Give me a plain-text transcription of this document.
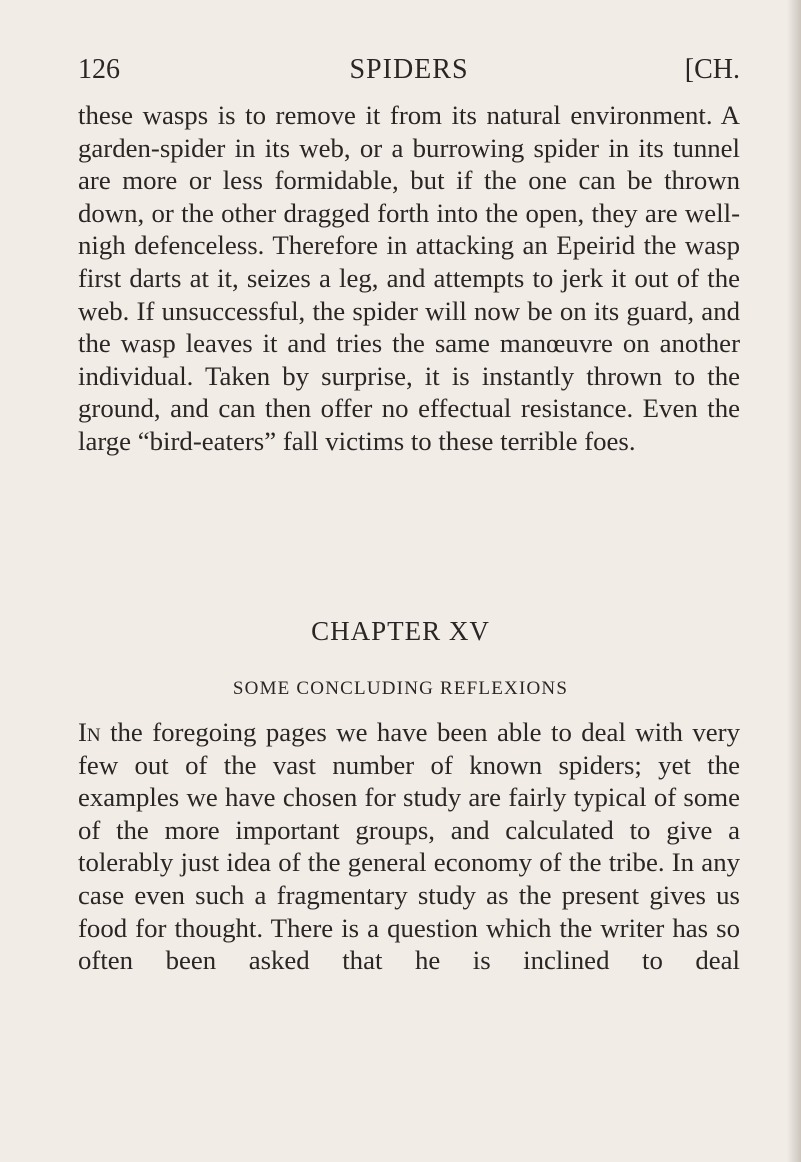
126	SPIDERS	[CH.

these wasps is to remove it from its natural environment. A garden-spider in its web, or a burrowing spider in its tunnel are more or less formidable, but if the one can be thrown down, or the other dragged forth into the open, they are well-nigh defenceless. Therefore in attacking an Epeirid the wasp first darts at it, seizes a leg, and attempts to jerk it out of the web. If unsuccessful, the spider will now be on its guard, and the wasp leaves it and tries the same manœuvre on another individual. Taken by surprise, it is instantly thrown to the ground, and can then offer no effectual resistance. Even the large “bird-eaters” fall victims to these terrible foes.

CHAPTER XV
SOME CONCLUDING REFLEXIONS

In the foregoing pages we have been able to deal with very few out of the vast number of known spiders; yet the examples we have chosen for study are fairly typical of some of the more important groups, and calculated to give a tolerably just idea of the general economy of the tribe. In any case even such a fragmentary study as the present gives us food for thought. There is a question which the writer has so often been asked that he is inclined to deal
